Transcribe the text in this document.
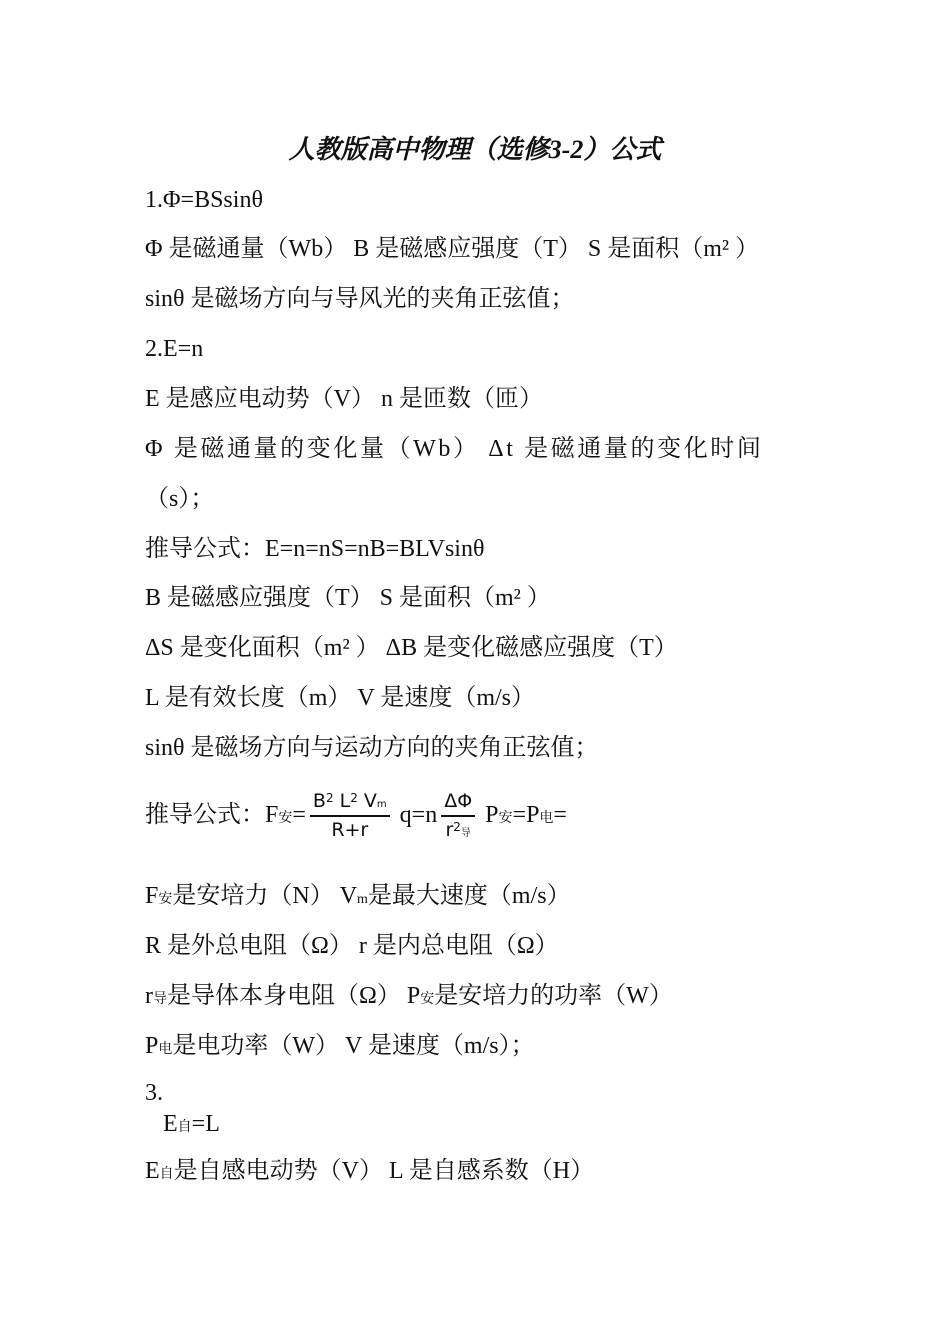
人教版高中物理（选修3-2）公式
1.Φ=BSsinθ
Φ 是磁通量（Wb） B 是磁感应强度（T） S 是面积（m² ）
sinθ 是磁场方向与导风光的夹角正弦值；
2.E=n
E 是感应电动势（V） n 是匝数（匝）
Φ 是磁通量的变化量（Wb） Δt 是磁通量的变化时间
（s）；
推导公式：E=n=nS=nB=BLVsinθ
B 是磁感应强度（T） S 是面积（m² ）
ΔS 是变化面积（m² ） ΔB 是变化磁感应强度（T）
L 是有效长度（m） V 是速度（m/s）
sinθ 是磁场方向与运动方向的夹角正弦值；
推导公式：F安= $\frac{B^2 L^2 Vm}{R+r} q=n \frac{\Delta\Phi}{r^2导}$ P安=P电=
F安是安培力（N） Vm是最大速度（m/s）
R 是外总电阻（Ω） r 是内总电阻（Ω）
r导是导体本身电阻（Ω） P安是安培力的功率（W）
P电是电功率（W） V 是速度（m/s）；
3.
E自=L
E自是自感电动势（V） L 是自感系数（H）
